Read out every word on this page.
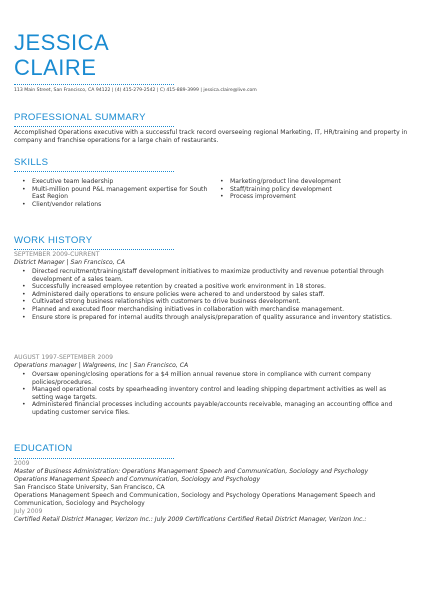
JESSICA
CLAIRE
113 Main Street, San Francisco, CA 94122 | (4) 415-279-2542 | C) 415-889-3999 | jessica.claire@live.com
PROFESSIONAL SUMMARY
Accomplished Operations executive with a successful track record overseeing regional Marketing, IT, HR/training and property in company and franchise operations for a large chain of restaurants.
SKILLS
• Executive team leadership
• Multi-million pound P&L management expertise for South East Region
• Client/vendor relations
• Marketing/product line development
• Staff/training policy development
• Process improvement
WORK HISTORY
SEPTEMBER 2009-CURRENT
District Manager | San Francisco, CA
• Directed recruitment/training/staff development initiatives to maximize productivity and revenue potential through development of a sales team.
• Successfully increased employee retention by created a positive work environment in 18 stores.
• Administered daily operations to ensure policies were achered to and understood by sales staff.
• Cultivated strong business relationships with customers to drive business development.
• Planned and executed floor merchandising initiatives in collaboration with merchandise management.
• Ensure store is prepared for internal audits through analysis/preparation of quality assurance and inventory statistics.
AUGUST 1997-SEPTEMBER 2009
Operations manager | Walgreens, Inc | San Francisco, CA
• Oversaw opening/closing operations for a $4 million annual revenue store in compliance with current company policies/procedures.
• Managed operational costs by spearheading inventory control and leading shipping department activities as well as setting wage targets.
• Administered financial processes including accounts payable/accounts receivable, managing an accounting office and updating customer service files.
EDUCATION
2009
Master of Business Administration: Operations Management Speech and Communication, Sociology and Psychology Operations Management Speech and Communication, Sociology and Psychology
San Francisco State University, San Francisco, CA
Operations Management Speech and Communication, Sociology and Psychology Operations Management Speech and Communication, Sociology and Psychology
July 2009
Certified Retail District Manager, Verizon Inc.: July 2009 Certifications Certified Retail District Manager, Verizon Inc.:
